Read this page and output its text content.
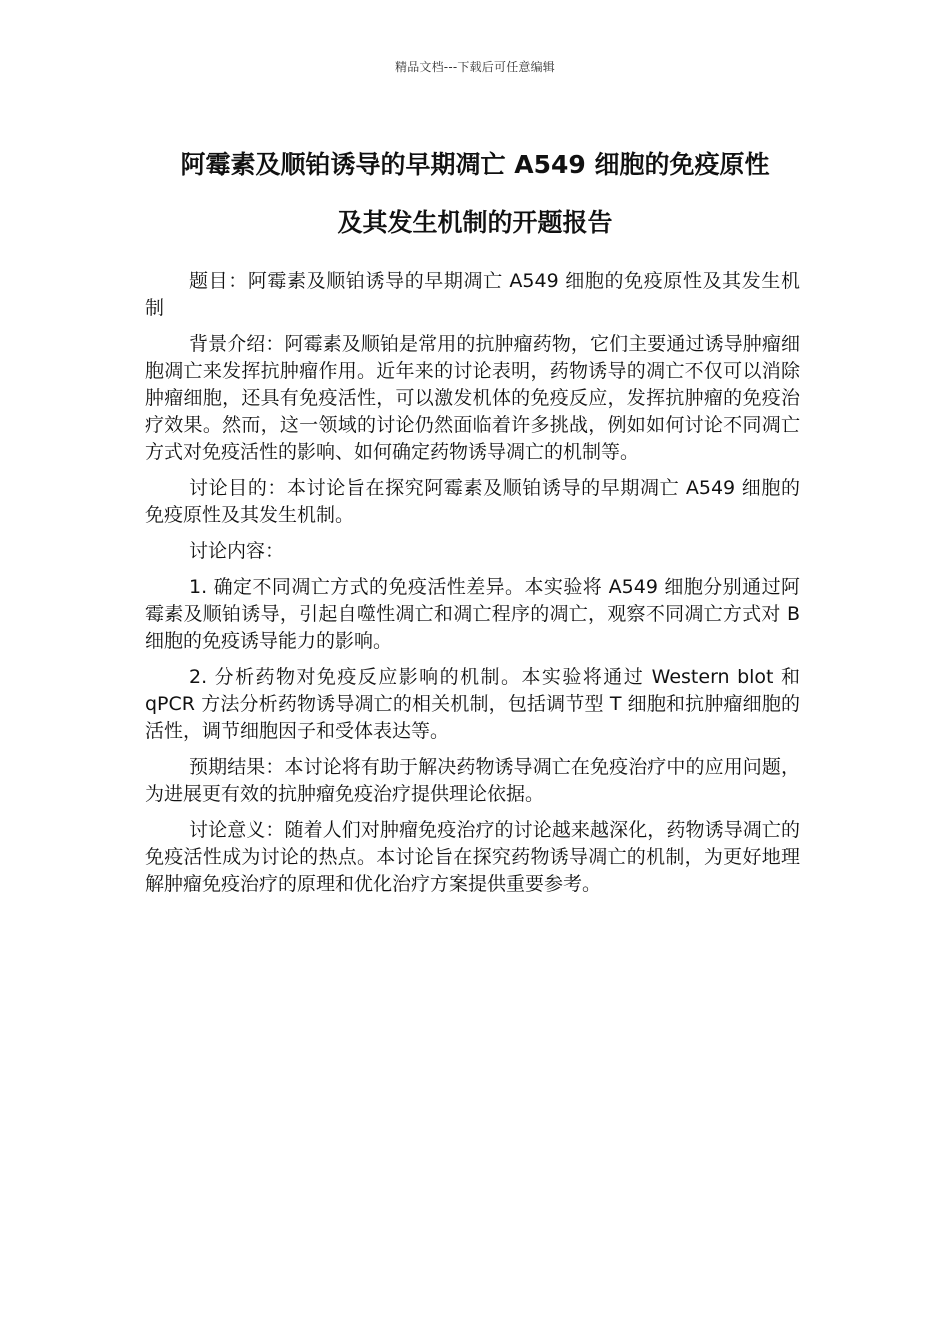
精品文档---下载后可任意编辑
阿霉素及顺铂诱导的早期凋亡 A549 细胞的免疫原性
及其发生机制的开题报告

题目：阿霉素及顺铂诱导的早期凋亡 A549 细胞的免疫原性及其发生机制

背景介绍：阿霉素及顺铂是常用的抗肿瘤药物，它们主要通过诱导肿瘤细胞凋亡来发挥抗肿瘤作用。近年来的讨论表明，药物诱导的凋亡不仅可以消除肿瘤细胞，还具有免疫活性，可以激发机体的免疫反应，发挥抗肿瘤的免疫治疗效果。然而，这一领域的讨论仍然面临着许多挑战，例如如何讨论不同凋亡方式对免疫活性的影响、如何确定药物诱导凋亡的机制等。

讨论目的：本讨论旨在探究阿霉素及顺铂诱导的早期凋亡 A549 细胞的免疫原性及其发生机制。

讨论内容：

1. 确定不同凋亡方式的免疫活性差异。本实验将 A549 细胞分别通过阿霉素及顺铂诱导，引起自噬性凋亡和凋亡程序的凋亡，观察不同凋亡方式对 B 细胞的免疫诱导能力的影响。

2. 分析药物对免疫反应影响的机制。本实验将通过 Western blot 和 qPCR 方法分析药物诱导凋亡的相关机制，包括调节型 T 细胞和抗肿瘤细胞的活性，调节细胞因子和受体表达等。

预期结果：本讨论将有助于解决药物诱导凋亡在免疫治疗中的应用问题，为进展更有效的抗肿瘤免疫治疗提供理论依据。

讨论意义：随着人们对肿瘤免疫治疗的讨论越来越深化，药物诱导凋亡的免疫活性成为讨论的热点。本讨论旨在探究药物诱导凋亡的机制，为更好地理解肿瘤免疫治疗的原理和优化治疗方案提供重要参考。
